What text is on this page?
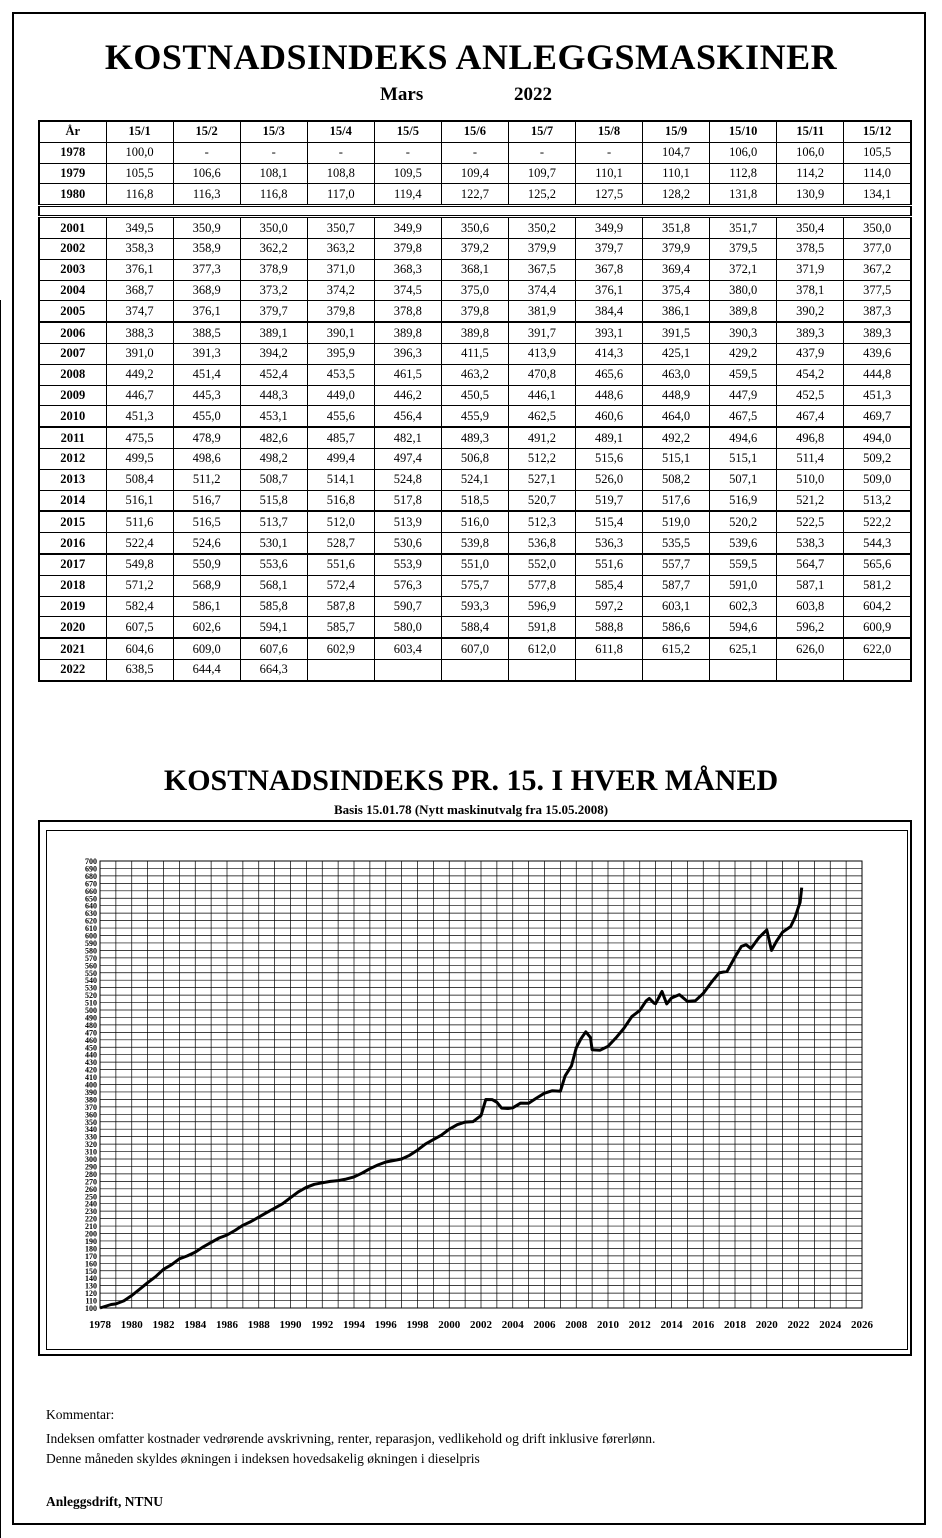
KOSTNADSINDEKS ANLEGGSMASKINER
Mars	2022
År	15/1	15/2	15/3	15/4	15/5	15/6	15/7	15/8	15/9	15/10	15/11	15/12
1978	100,0	-	-	-	-	-	-	-	104,7	106,0	106,0	105,5
1979	105,5	106,6	108,1	108,8	109,5	109,4	109,7	110,1	110,1	112,8	114,2	114,0
1980	116,8	116,3	116,8	117,0	119,4	122,7	125,2	127,5	128,2	131,8	130,9	134,1

2001	349,5	350,9	350,0	350,7	349,9	350,6	350,2	349,9	351,8	351,7	350,4	350,0
2002	358,3	358,9	362,2	363,2	379,8	379,2	379,9	379,7	379,9	379,5	378,5	377,0
2003	376,1	377,3	378,9	371,0	368,3	368,1	367,5	367,8	369,4	372,1	371,9	367,2
2004	368,7	368,9	373,2	374,2	374,5	375,0	374,4	376,1	375,4	380,0	378,1	377,5
2005	374,7	376,1	379,7	379,8	378,8	379,8	381,9	384,4	386,1	389,8	390,2	387,3
2006	388,3	388,5	389,1	390,1	389,8	389,8	391,7	393,1	391,5	390,3	389,3	389,3
2007	391,0	391,3	394,2	395,9	396,3	411,5	413,9	414,3	425,1	429,2	437,9	439,6
2008	449,2	451,4	452,4	453,5	461,5	463,2	470,8	465,6	463,0	459,5	454,2	444,8
2009	446,7	445,3	448,3	449,0	446,2	450,5	446,1	448,6	448,9	447,9	452,5	451,3
2010	451,3	455,0	453,1	455,6	456,4	455,9	462,5	460,6	464,0	467,5	467,4	469,7
2011	475,5	478,9	482,6	485,7	482,1	489,3	491,2	489,1	492,2	494,6	496,8	494,0
2012	499,5	498,6	498,2	499,4	497,4	506,8	512,2	515,6	515,1	515,1	511,4	509,2
2013	508,4	511,2	508,7	514,1	524,8	524,1	527,1	526,0	508,2	507,1	510,0	509,0
2014	516,1	516,7	515,8	516,8	517,8	518,5	520,7	519,7	517,6	516,9	521,2	513,2
2015	511,6	516,5	513,7	512,0	513,9	516,0	512,3	515,4	519,0	520,2	522,5	522,2
2016	522,4	524,6	530,1	528,7	530,6	539,8	536,8	536,3	535,5	539,6	538,3	544,3
2017	549,8	550,9	553,6	551,6	553,9	551,0	552,0	551,6	557,7	559,5	564,7	565,6
2018	571,2	568,9	568,1	572,4	576,3	575,7	577,8	585,4	587,7	591,0	587,1	581,2
2019	582,4	586,1	585,8	587,8	590,7	593,3	596,9	597,2	603,1	602,3	603,8	604,2
2020	607,5	602,6	594,1	585,7	580,0	588,4	591,8	588,8	586,6	594,6	596,2	600,9
2021	604,6	609,0	607,6	602,9	603,4	607,0	612,0	611,8	615,2	625,1	626,0	622,0
2022	638,5	644,4	664,3									
KOSTNADSINDEKS PR. 15. I HVER MÅNED
Basis 15.01.78 (Nytt maskinutvalg fra 15.05.2008)
100
110
120
130
140
150
160
170
180
190
200
210
220
230
240
250
260
270
280
290
300
310
320
330
340
350
360
370
380
390
400
410
420
430
440
450
460
470
480
490
500
510
520
530
540
550
560
570
580
590
600
610
620
630
640
650
660
670
680
690
700
1978 1980 1982 1984 1986 1988 1990 1992 1994 1996 1998 2000 2002 2004 2006 2008 2010 2012 2014 2016 2018 2020 2022 2024 2026
Kommentar:
Indeksen omfatter kostnader vedrørende avskrivning, renter, reparasjon, vedlikehold og drift inklusive førerlønn.
Denne måneden skyldes økningen i indeksen hovedsakelig økningen i dieselpris
Anleggsdrift, NTNU
